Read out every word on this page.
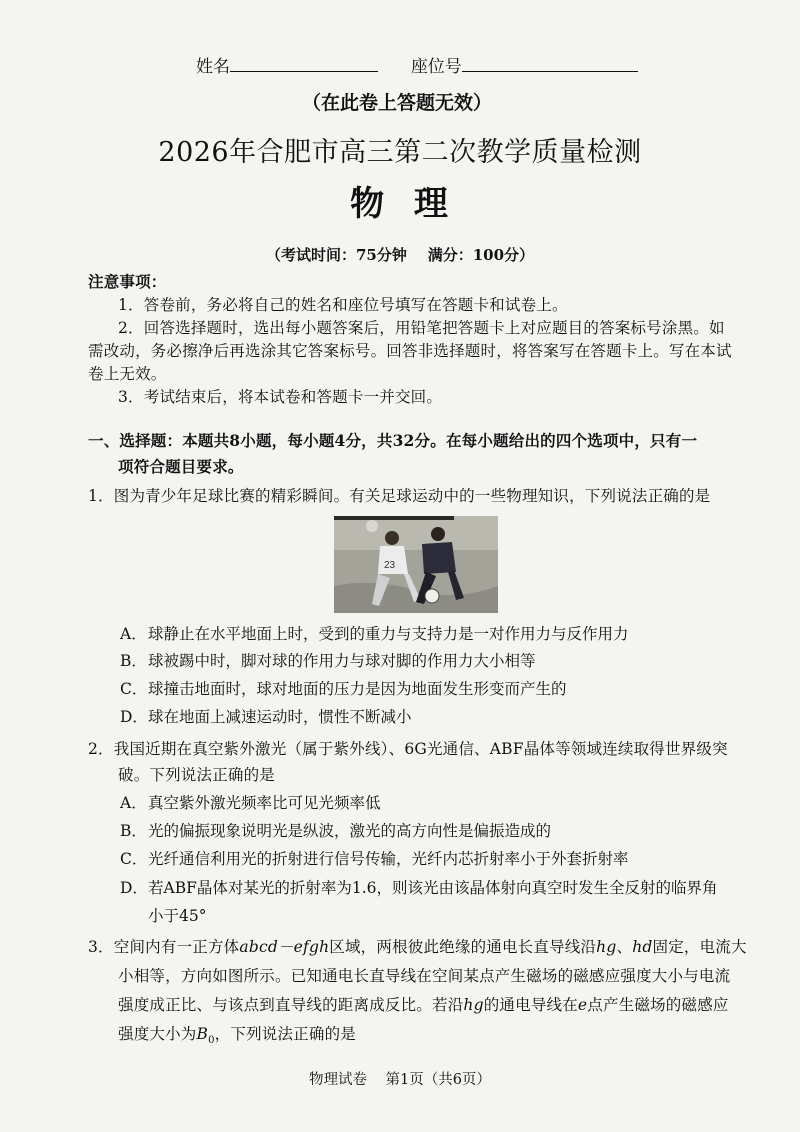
姓名	座位号
（在此卷上答题无效）
2026年合肥市高三第二次教学质量检测
物  理
（考试时间：75分钟    满分：100分）
注意事项：
1．答卷前，务必将自己的姓名和座位号填写在答题卡和试卷上。
2．回答选择题时，选出每小题答案后，用铅笔把答题卡上对应题目的答案标号涂黑。如
需改动，务必擦净后再选涂其它答案标号。回答非选择题时，将答案写在答题卡上。写在本试
卷上无效。
3．考试结束后，将本试卷和答题卡一并交回。
一、选择题：本题共8小题，每小题4分，共32分。在每小题给出的四个选项中，只有一
项符合题目要求。
1．图为青少年足球比赛的精彩瞬间。有关足球运动中的一些物理知识，下列说法正确的是
23
A．球静止在水平地面上时，受到的重力与支持力是一对作用力与反作用力
B．球被踢中时，脚对球的作用力与球对脚的作用力大小相等
C．球撞击地面时，球对地面的压力是因为地面发生形变而产生的
D．球在地面上减速运动时，惯性不断减小
2．我国近期在真空紫外激光（属于紫外线）、6G光通信、ABF晶体等领域连续取得世界级突
破。下列说法正确的是
A．真空紫外激光频率比可见光频率低
B．光的偏振现象说明光是纵波，激光的高方向性是偏振造成的
C．光纤通信利用光的折射进行信号传输，光纤内芯折射率小于外套折射率
D．若ABF晶体对某光的折射率为1.6，则该光由该晶体射向真空时发生全反射的临界角
小于45°
3．空间内有一正方体abcd－efgh区域，两根彼此绝缘的通电长直导线沿hg、hd固定，电流大
小相等，方向如图所示。已知通电长直导线在空间某点产生磁场的磁感应强度大小与电流
强度成正比、与该点到直导线的距离成反比。若沿hg的通电导线在e点产生磁场的磁感应
强度大小为$B_0$，下列说法正确的是
物理试卷    第1页（共6页）
